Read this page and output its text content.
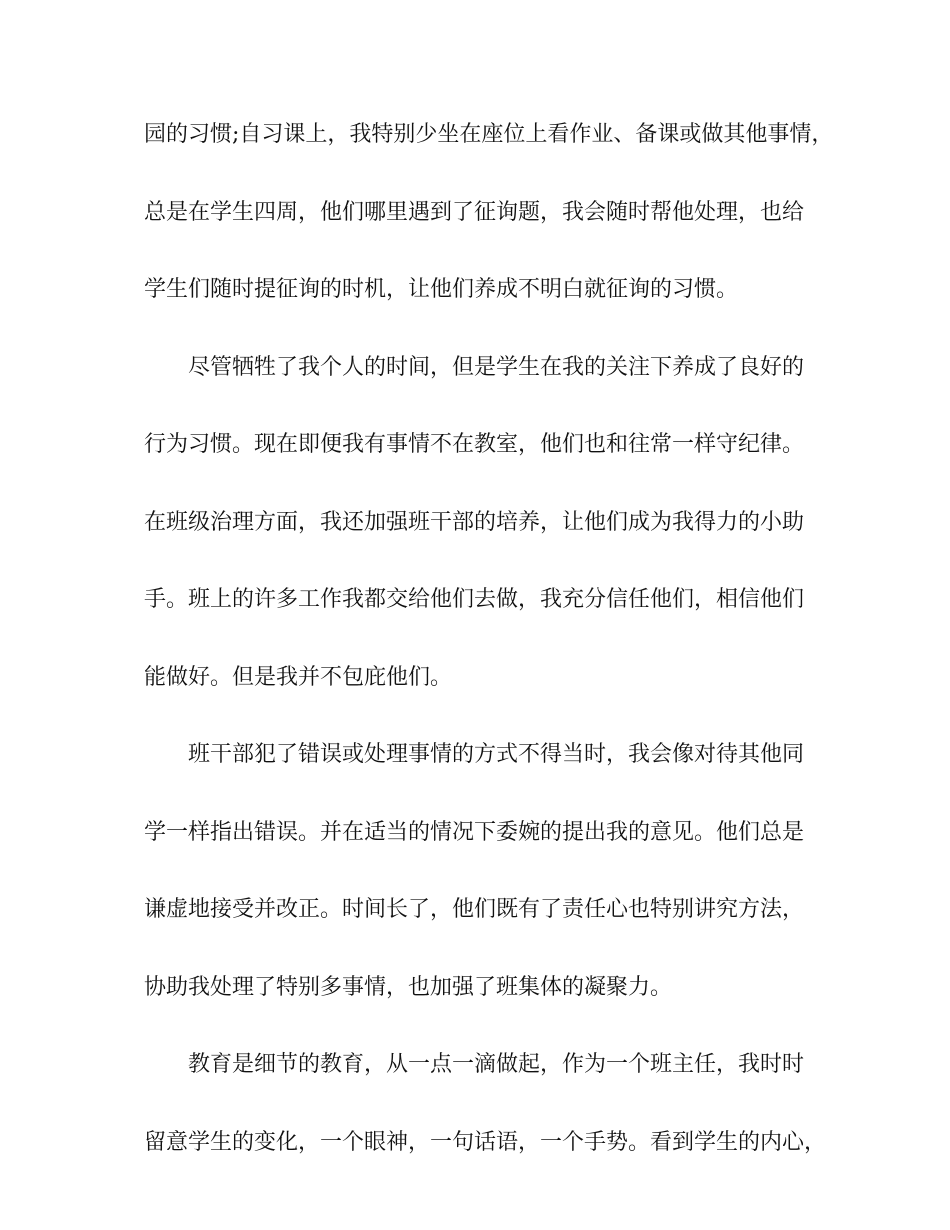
园的习惯;自习课上，我特别少坐在座位上看作业、备课或做其他事情，
总是在学生四周，他们哪里遇到了征询题，我会随时帮他处理，也给
学生们随时提征询的时机，让他们养成不明白就征询的习惯。
尽管牺牲了我个人的时间，但是学生在我的关注下养成了良好的
行为习惯。现在即便我有事情不在教室，他们也和往常一样守纪律。
在班级治理方面，我还加强班干部的培养，让他们成为我得力的小助
手。班上的许多工作我都交给他们去做，我充分信任他们，相信他们
能做好。但是我并不包庇他们。
班干部犯了错误或处理事情的方式不得当时，我会像对待其他同
学一样指出错误。并在适当的情况下委婉的提出我的意见。他们总是
谦虚地接受并改正。时间长了，他们既有了责任心也特别讲究方法，
协助我处理了特别多事情，也加强了班集体的凝聚力。
教育是细节的教育，从一点一滴做起，作为一个班主任，我时时
留意学生的变化，一个眼神，一句话语，一个手势。看到学生的内心，
